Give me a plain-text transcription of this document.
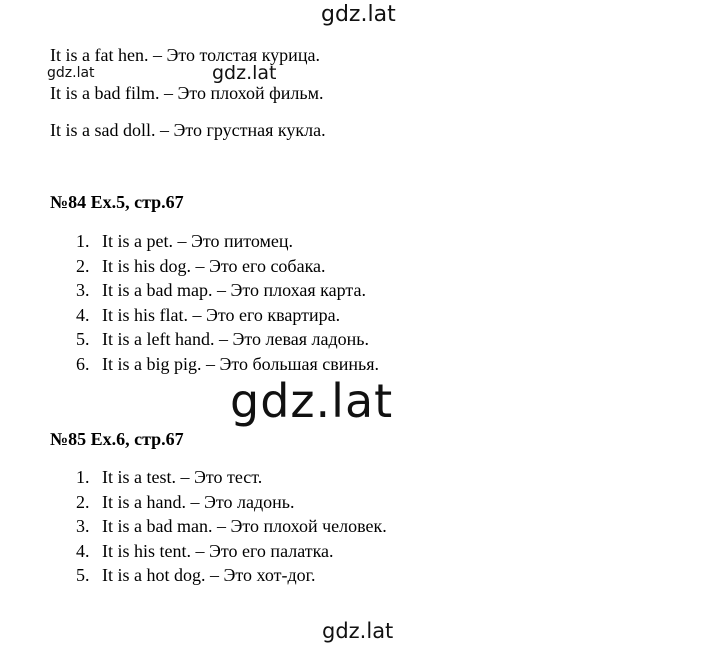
gdz.lat
It is a fat hen. – Это толстая курица.
gdz.lat	gdz.lat
It is a bad film. – Это плохой фильм.
It is a sad doll. – Это грустная кукла.
№84 Ex.5, стр.67
1. It is a pet. – Это питомец.
2. It is his dog. – Это его собака.
3. It is a bad map. – Это плохая карта.
4. It is his flat. – Это его квартира.
5. It is a left hand. – Это левая ладонь.
6. It is a big pig. – Это большая свинья.
gdz.lat
№85 Ex.6, стр.67
1. It is a test. – Это тест.
2. It is a hand. – Это ладонь.
3. It is a bad man. – Это плохой человек.
4. It is his tent. – Это его палатка.
5. It is a hot dog. – Это хот-дог.
gdz.lat
